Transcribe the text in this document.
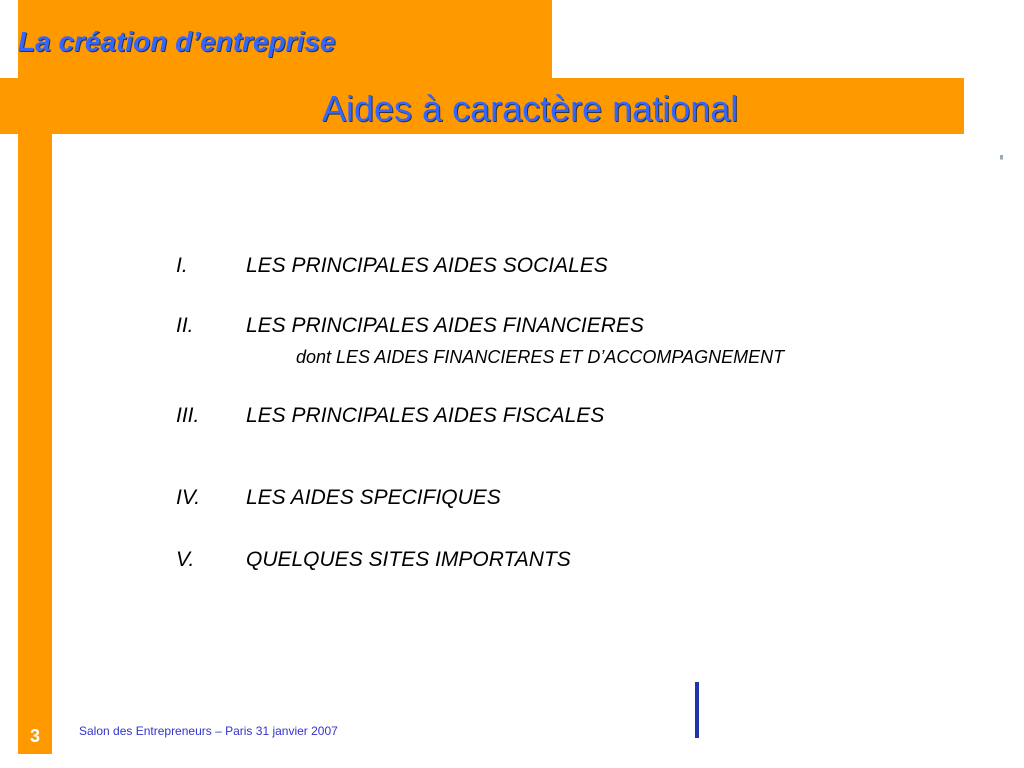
La création d’entreprise
Aides à caractère national
I.	LES PRINCIPALES AIDES SOCIALES
II. LES PRINCIPALES AIDES FINANCIERES
dont LES AIDES FINANCIERES ET D’ACCOMPAGNEMENT
III. LES PRINCIPALES AIDES FISCALES
IV. LES AIDES SPECIFIQUES
V. QUELQUES SITES IMPORTANTS
3	Salon des Entrepreneurs – Paris 31 janvier 2007
